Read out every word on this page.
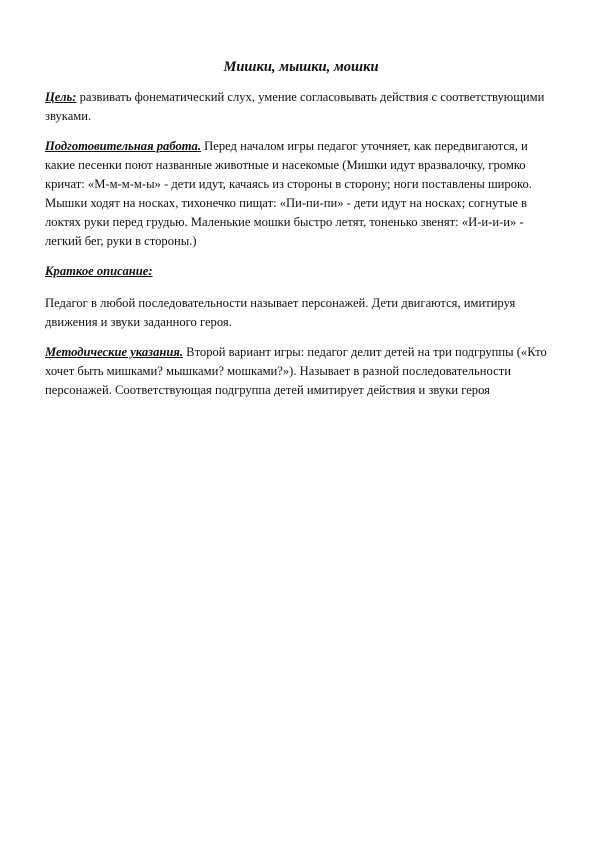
Мишки, мышки, мошки

Цель: развивать фонематический слух, умение согласовывать действия с соответствующими звуками.

Подготовительная работа. Перед началом игры педагог уточняет, как передвигаются, и какие песенки поют названные животные и насекомые (Мишки идут вразвалочку, громко кричат: «М-м-м-м-ы» - дети идут, качаясь из стороны в сторону; ноги поставлены широко. Мышки ходят на носках, тихонечко пищат: «Пи-пи-пи» - дети идут на носках; согнутые в локтях руки перед грудью. Маленькие мошки быстро летят, тоненько звенят: «И-и-и-и» - легкий бег, руки в стороны.)

Краткое описание:

Педагог в любой последовательности называет персонажей. Дети двигаются, имитируя движения и звуки заданного героя.

Методические указания. Второй вариант игры: педагог делит детей на три подгруппы («Кто хочет быть мишками? мышками? мошками?»). Называет в разной последовательности персонажей. Соответствующая подгруппа детей имитирует действия и звуки героя
